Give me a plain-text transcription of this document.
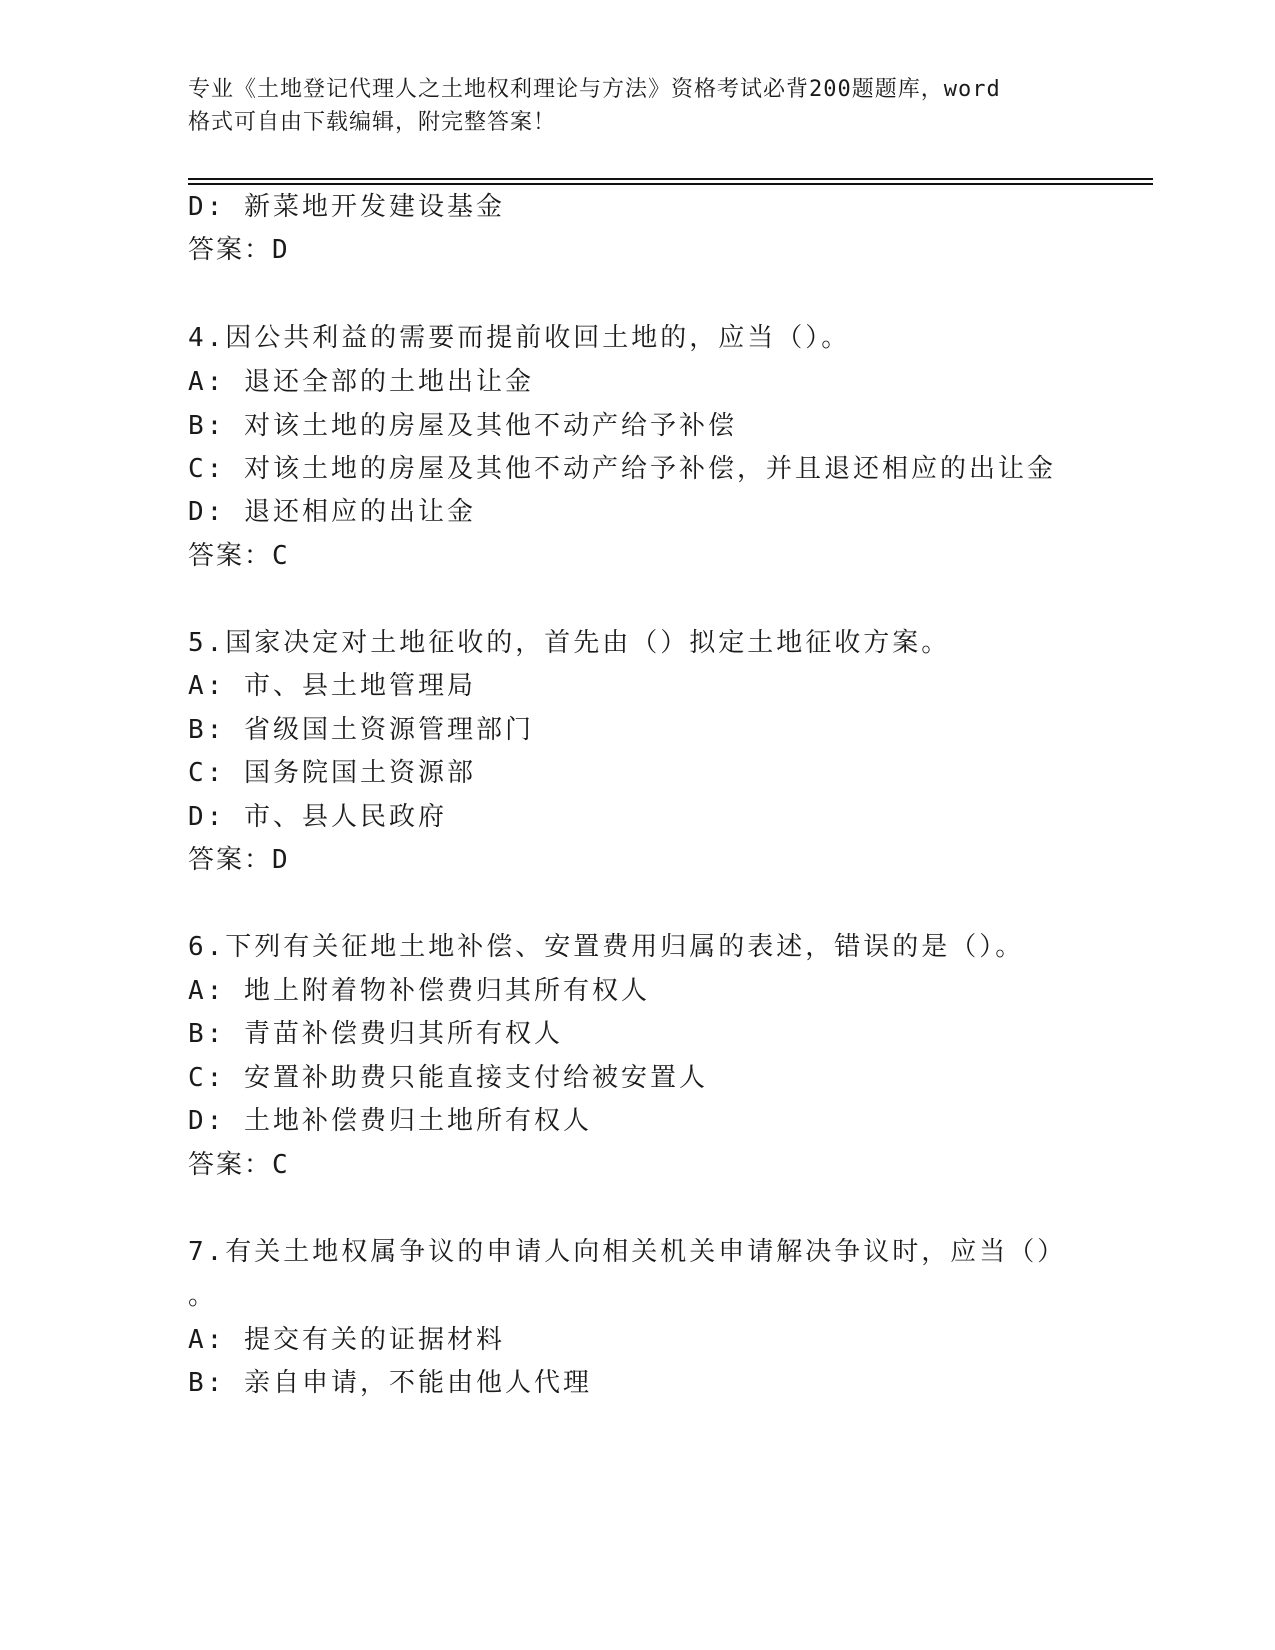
专业《土地登记代理人之土地权利理论与方法》资格考试必背200题题库，word
格式可自由下载编辑，附完整答案！
D: 新菜地开发建设基金
答案：D
4.因公共利益的需要而提前收回土地的，应当（）。
A: 退还全部的土地出让金
B: 对该土地的房屋及其他不动产给予补偿
C: 对该土地的房屋及其他不动产给予补偿，并且退还相应的出让金
D: 退还相应的出让金
答案：C
5.国家决定对土地征收的，首先由（）拟定土地征收方案。
A: 市、县土地管理局
B: 省级国土资源管理部门
C: 国务院国土资源部
D: 市、县人民政府
答案：D
6.下列有关征地土地补偿、安置费用归属的表述，错误的是（）。
A: 地上附着物补偿费归其所有权人
B: 青苗补偿费归其所有权人
C: 安置补助费只能直接支付给被安置人
D: 土地补偿费归土地所有权人
答案：C
7.有关土地权属争议的申请人向相关机关申请解决争议时，应当（）
。
A: 提交有关的证据材料
B: 亲自申请，不能由他人代理
